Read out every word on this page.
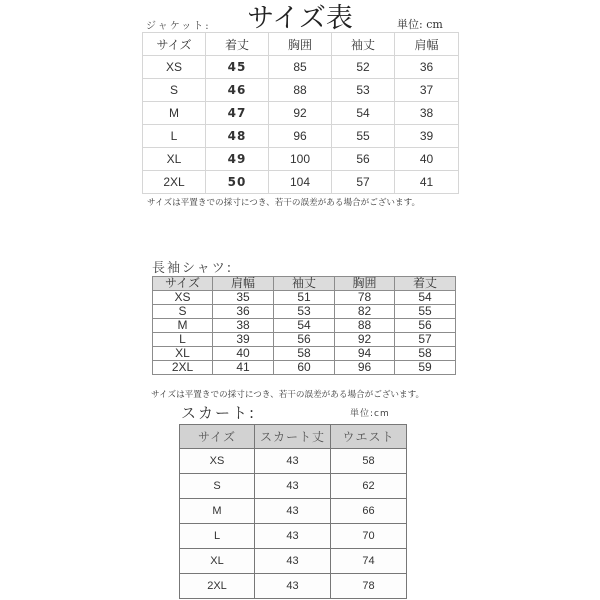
サイズ表
ジャケット:	単位: cm
サイズ	着丈	胸囲	袖丈	肩幅
XS	45	85	52	36
S	46	88	53	37
M	47	92	54	38
L	48	96	55	39
XL	49	100	56	40
2XL	50	104	57	41
サイズは平置きでの採寸につき、若干の誤差がある場合がございます。
長袖シャツ:
サイズ	肩幅	袖丈	胸囲	着丈
XS	35	51	78	54
S	36	53	82	55
M	38	54	88	56
L	39	56	92	57
XL	40	58	94	58
2XL	41	60	96	59
サイズは平置きでの採寸につき、若干の誤差がある場合がございます。
スカート:	単位:cm
サイズ	スカート丈	ウエスト
XS	43	58
S	43	62
M	43	66
L	43	70
XL	43	74
2XL	43	78
